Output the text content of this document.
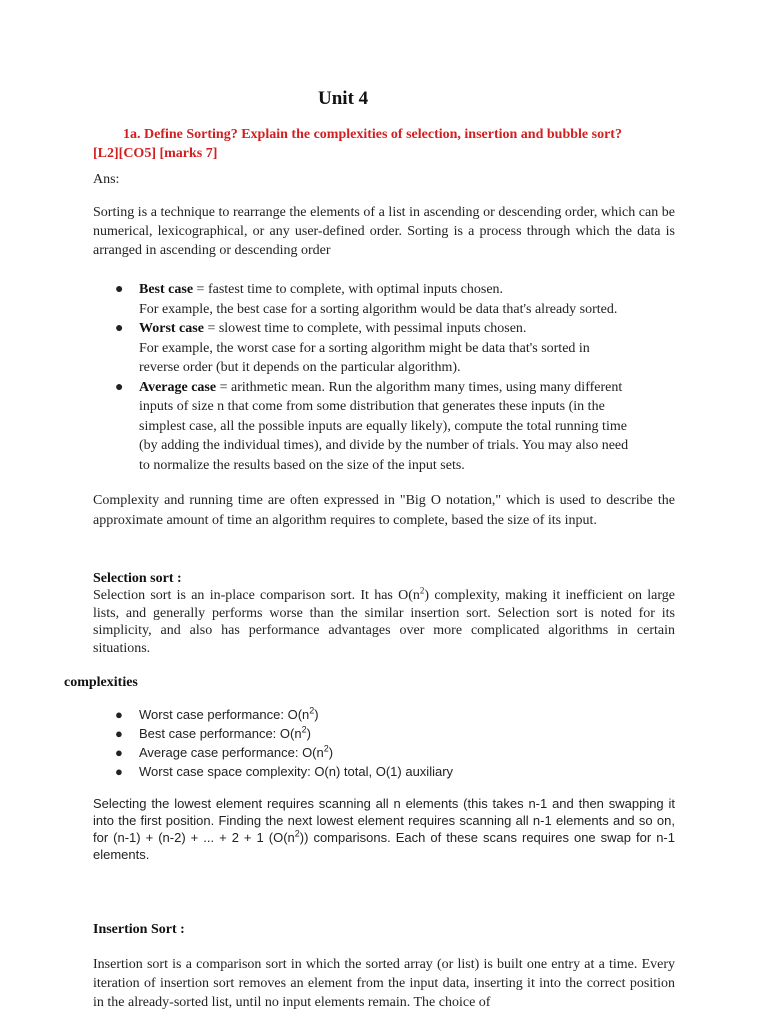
Unit 4
1a. Define Sorting? Explain the complexities of selection, insertion and bubble sort?
[L2][CO5] [marks 7]
Ans:
Sorting is a technique to rearrange the elements of a list in ascending or descending order, which can be numerical, lexicographical, or any user-defined order. Sorting is a process through which the data is arranged in ascending or descending order
● Best case = fastest time to complete, with optimal inputs chosen.
For example, the best case for a sorting algorithm would be data that's already sorted.
● Worst case = slowest time to complete, with pessimal inputs chosen.
For example, the worst case for a sorting algorithm might be data that's sorted in
reverse order (but it depends on the particular algorithm).
● Average case = arithmetic mean. Run the algorithm many times, using many different
inputs of size n that come from some distribution that generates these inputs (in the
simplest case, all the possible inputs are equally likely), compute the total running time
(by adding the individual times), and divide by the number of trials. You may also need
to normalize the results based on the size of the input sets.
Complexity and running time are often expressed in "Big O notation," which is used to describe the approximate amount of time an algorithm requires to complete, based the size of its input.
Selection sort :
Selection sort is an in-place comparison sort. It has $O(n^2)$ complexity, making it inefficient on large lists, and generally performs worse than the similar insertion sort. Selection sort is noted for its simplicity, and also has performance advantages over more complicated algorithms in certain situations.
complexities
● Worst case performance: $O(n^2)$
● Best case performance: $O(n^2)$
● Average case performance: $O(n^2)$
● Worst case space complexity: O(n) total, O(1) auxiliary
Selecting the lowest element requires scanning all n elements (this takes n-1 and then swapping it into the first position. Finding the next lowest element requires scanning all n-1 elements and so on, for (n-1) + (n-2) + ... + 2 + 1 $(O(n^2))$ comparisons. Each of these scans requires one swap for n-1 elements.
Insertion Sort :
Insertion sort is a comparison sort in which the sorted array (or list) is built one entry at a time. Every iteration of insertion sort removes an element from the input data, inserting it into the correct position in the already-sorted list, until no input elements remain. The choice of
